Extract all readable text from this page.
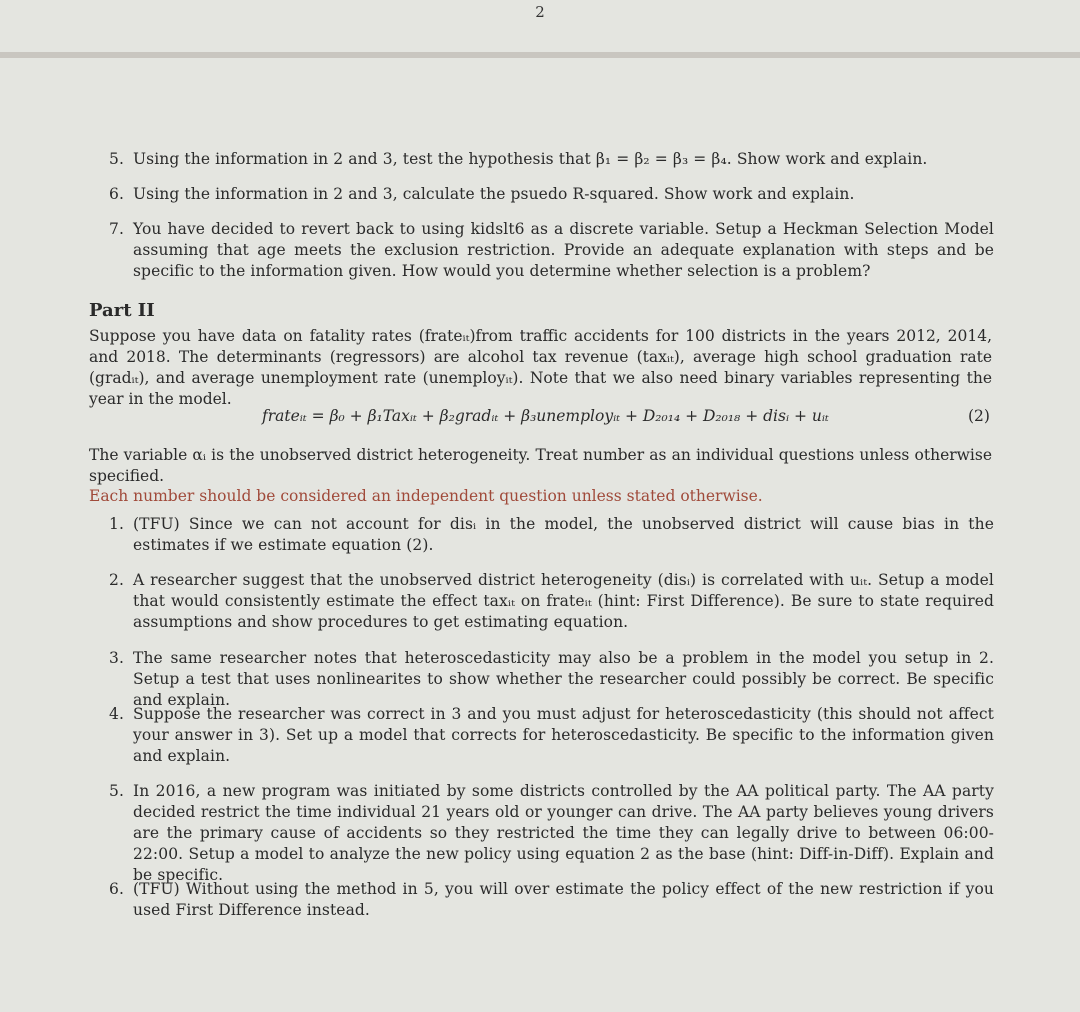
2
5. Using the information in 2 and 3, test the hypothesis that β₁ = β₂ = β₃ = β₄. Show work and explain.
6. Using the information in 2 and 3, calculate the psuedo R-squared. Show work and explain.
7. You have decided to revert back to using kidslt6 as a discrete variable. Setup a Heckman Selection Model assuming that age meets the exclusion restriction. Provide an adequate explanation with steps and be specific to the information given. How would you determine whether selection is a problem?
Part II
Suppose you have data on fatality rates (frateᵢₜ)from traffic accidents for 100 districts in the years 2012, 2014, and 2018. The determinants (regressors) are alcohol tax revenue (taxᵢₜ), average high school graduation rate (gradᵢₜ), and average unemployment rate (unemployᵢₜ). Note that we also need binary variables representing the year in the model.
frateᵢₜ = β₀ + β₁Taxᵢₜ + β₂gradᵢₜ + β₃unemployᵢₜ + D₂₀₁₄ + D₂₀₁₈ + disᵢ + uᵢₜ	(2)
The variable αᵢ is the unobserved district heterogeneity. Treat number as an individual questions unless otherwise specified.
Each number should be considered an independent question unless stated otherwise.
1. (TFU) Since we can not account for disᵢ in the model, the unobserved district will cause bias in the estimates if we estimate equation (2).
2. A researcher suggest that the unobserved district heterogeneity (disᵢ) is correlated with uᵢₜ. Setup a model that would consistently estimate the effect taxᵢₜ on frateᵢₜ (hint: First Difference). Be sure to state required assumptions and show procedures to get estimating equation.
3. The same researcher notes that heteroscedasticity may also be a problem in the model you setup in 2. Setup a test that uses nonlinearites to show whether the researcher could possibly be correct. Be specific and explain.
4. Suppose the researcher was correct in 3 and you must adjust for heteroscedasticity (this should not affect your answer in 3). Set up a model that corrects for heteroscedasticity. Be specific to the information given and explain.
5. In 2016, a new program was initiated by some districts controlled by the AA political party. The AA party decided restrict the time individual 21 years old or younger can drive. The AA party believes young drivers are the primary cause of accidents so they restricted the time they can legally drive to between 06:00-22:00. Setup a model to analyze the new policy using equation 2 as the base (hint: Diff-in-Diff). Explain and be specific.
6. (TFU) Without using the method in 5, you will over estimate the policy effect of the new restriction if you used First Difference instead.
